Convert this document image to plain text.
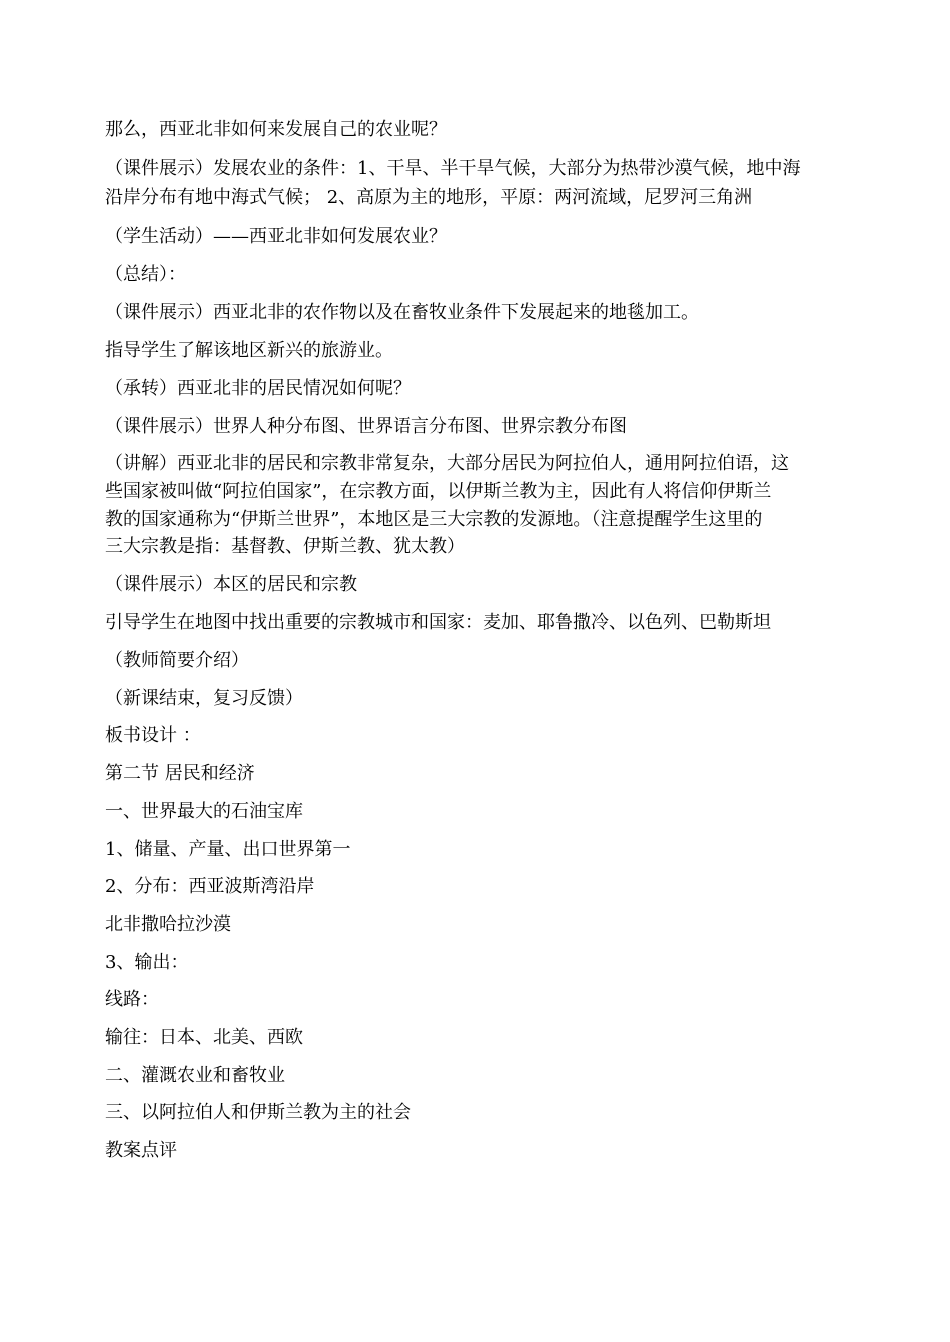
那么，西亚北非如何来发展自己的农业呢？
（课件展示）发展农业的条件：1、干旱、半干旱气候，大部分为热带沙漠气候，地中海
沿岸分布有地中海式气候； 2、高原为主的地形，平原：两河流域，尼罗河三角洲
（学生活动）——西亚北非如何发展农业？
（总结）：
（课件展示）西亚北非的农作物以及在畜牧业条件下发展起来的地毯加工。
指导学生了解该地区新兴的旅游业。
（承转）西亚北非的居民情况如何呢？
（课件展示）世界人种分布图、世界语言分布图、世界宗教分布图
（讲解）西亚北非的居民和宗教非常复杂，大部分居民为阿拉伯人，通用阿拉伯语，这
些国家被叫做“阿拉伯国家”，在宗教方面，以伊斯兰教为主，因此有人将信仰伊斯兰
教的国家通称为“伊斯兰世界”，本地区是三大宗教的发源地。（注意提醒学生这里的
三大宗教是指：基督教、伊斯兰教、犹太教）
（课件展示）本区的居民和宗教
引导学生在地图中找出重要的宗教城市和国家：麦加、耶鲁撒冷、以色列、巴勒斯坦
（教师简要介绍）
（新课结束，复习反馈）
板书设计 ：
第二节 居民和经济
一、世界最大的石油宝库
1、储量、产量、出口世界第一
2、分布：西亚波斯湾沿岸
北非撒哈拉沙漠
3、输出：
线路：
输往：日本、北美、西欧
二、灌溉农业和畜牧业
三、以阿拉伯人和伊斯兰教为主的社会
教案点评
